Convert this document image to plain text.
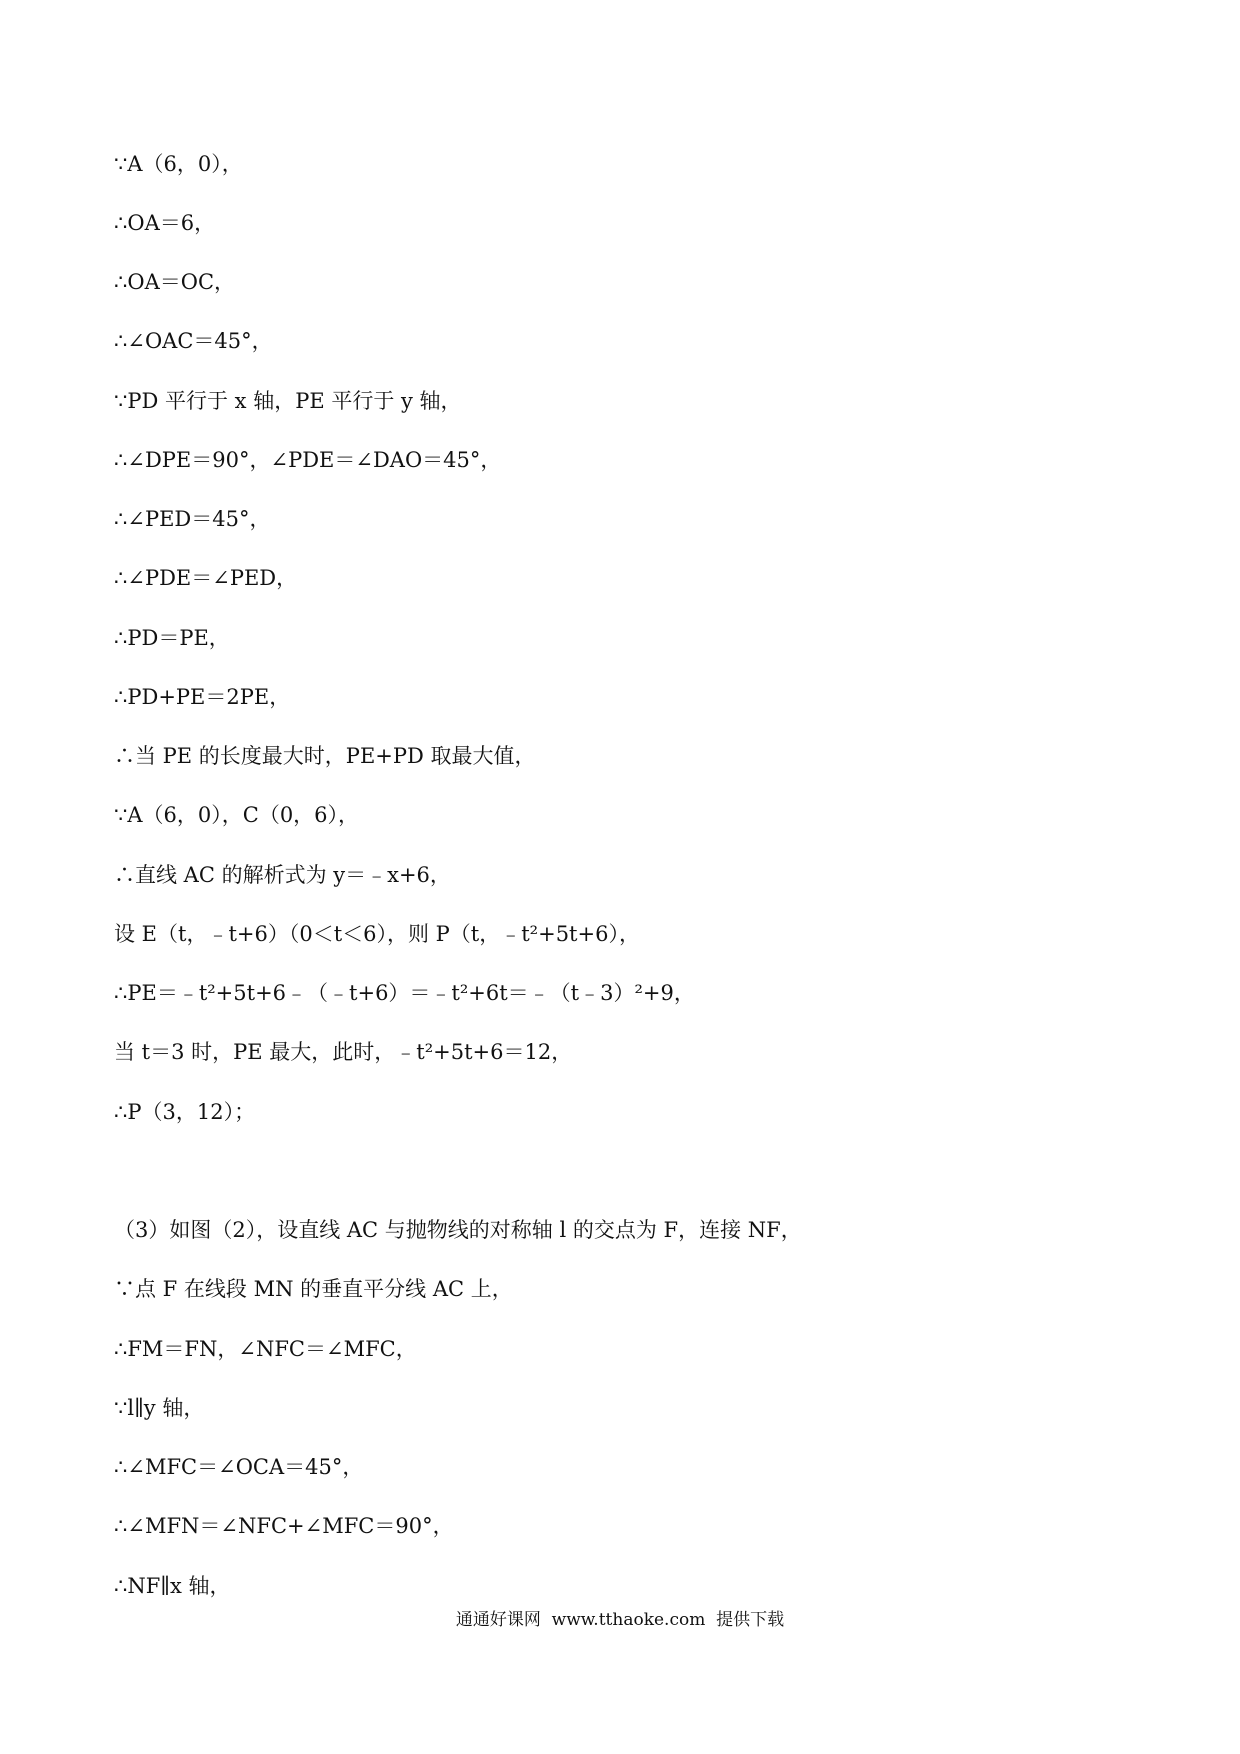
∵A（6，0），
∴OA＝6，
∴OA＝OC，
∴∠OAC＝45°，
∵PD 平行于 x 轴，PE 平行于 y 轴，
∴∠DPE＝90°，∠PDE＝∠DAO＝45°，
∴∠PED＝45°，
∴∠PDE＝∠PED，
∴PD＝PE，
∴PD+PE＝2PE，
∴当 PE 的长度最大时，PE+PD 取最大值，
∵A（6，0），C（0，6），
∴直线 AC 的解析式为 y＝﹣x+6，
设 E（t，﹣t+6）（0＜t＜6），则 P（t，﹣t²+5t+6），
∴PE＝﹣t²+5t+6﹣（﹣t+6）＝﹣t²+6t＝﹣（t﹣3）²+9，
当 t＝3 时，PE 最大，此时，﹣t²+5t+6＝12，
∴P（3，12）；
（3）如图（2），设直线 AC 与抛物线的对称轴 l 的交点为 F，连接 NF，
∵点 F 在线段 MN 的垂直平分线 AC 上，
∴FM＝FN，∠NFC＝∠MFC，
∵l∥y 轴，
∴∠MFC＝∠OCA＝45°，
∴∠MFN＝∠NFC+∠MFC＝90°，
∴NF∥x 轴，
通通好课网  www.tthaoke.com  提供下载
